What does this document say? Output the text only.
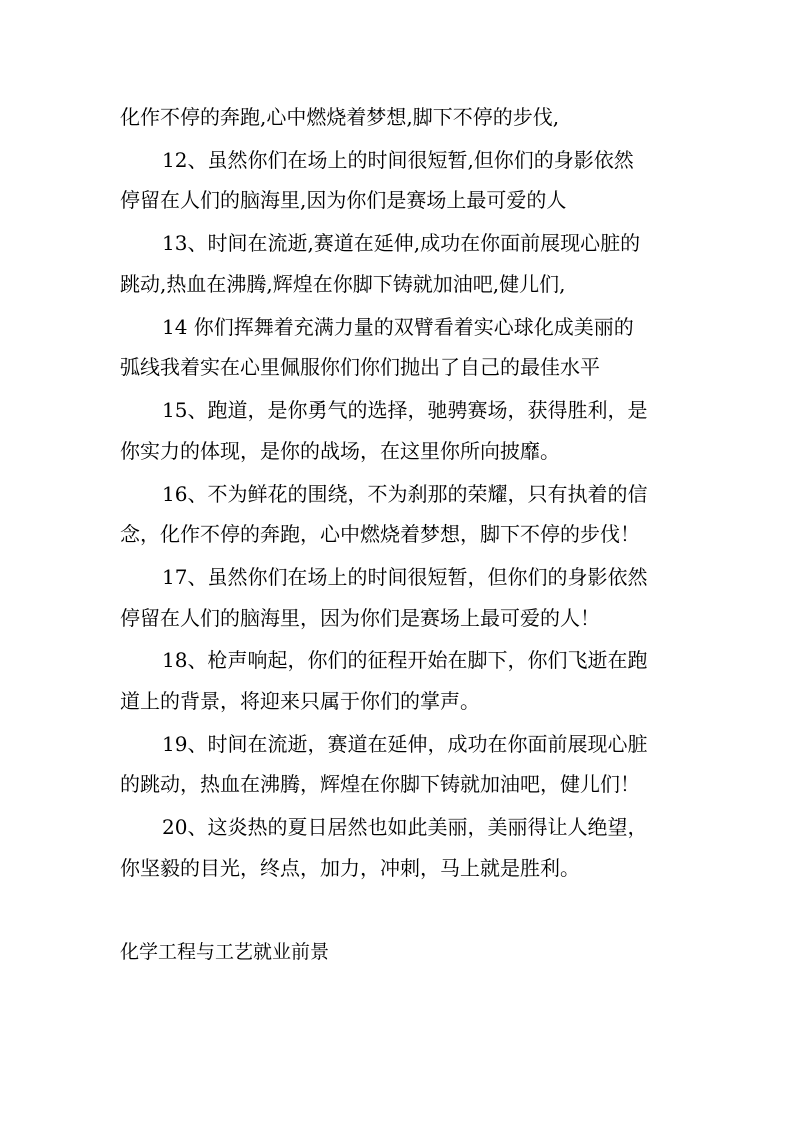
化作不停的奔跑,心中燃烧着梦想,脚下不停的步伐,
12、虽然你们在场上的时间很短暂,但你们的身影依然
停留在人们的脑海里,因为你们是赛场上最可爱的人
13、时间在流逝,赛道在延伸,成功在你面前展现心脏的
跳动,热血在沸腾,辉煌在你脚下铸就加油吧,健儿们,
14 你们挥舞着充满力量的双臂看着实心球化成美丽的
弧线我着实在心里佩服你们你们抛出了自己的最佳水平
15、跑道，是你勇气的选择，驰骋赛场，获得胜利，是
你实力的体现，是你的战场，在这里你所向披靡。
16、不为鲜花的围绕，不为刹那的荣耀，只有执着的信
念，化作不停的奔跑，心中燃烧着梦想，脚下不停的步伐！
17、虽然你们在场上的时间很短暂，但你们的身影依然
停留在人们的脑海里，因为你们是赛场上最可爱的人！
18、枪声响起，你们的征程开始在脚下，你们飞逝在跑
道上的背景，将迎来只属于你们的掌声。
19、时间在流逝，赛道在延伸，成功在你面前展现心脏
的跳动，热血在沸腾，辉煌在你脚下铸就加油吧，健儿们！
20、这炎热的夏日居然也如此美丽，美丽得让人绝望，
你坚毅的目光，终点，加力，冲刺，马上就是胜利。
化学工程与工艺就业前景
